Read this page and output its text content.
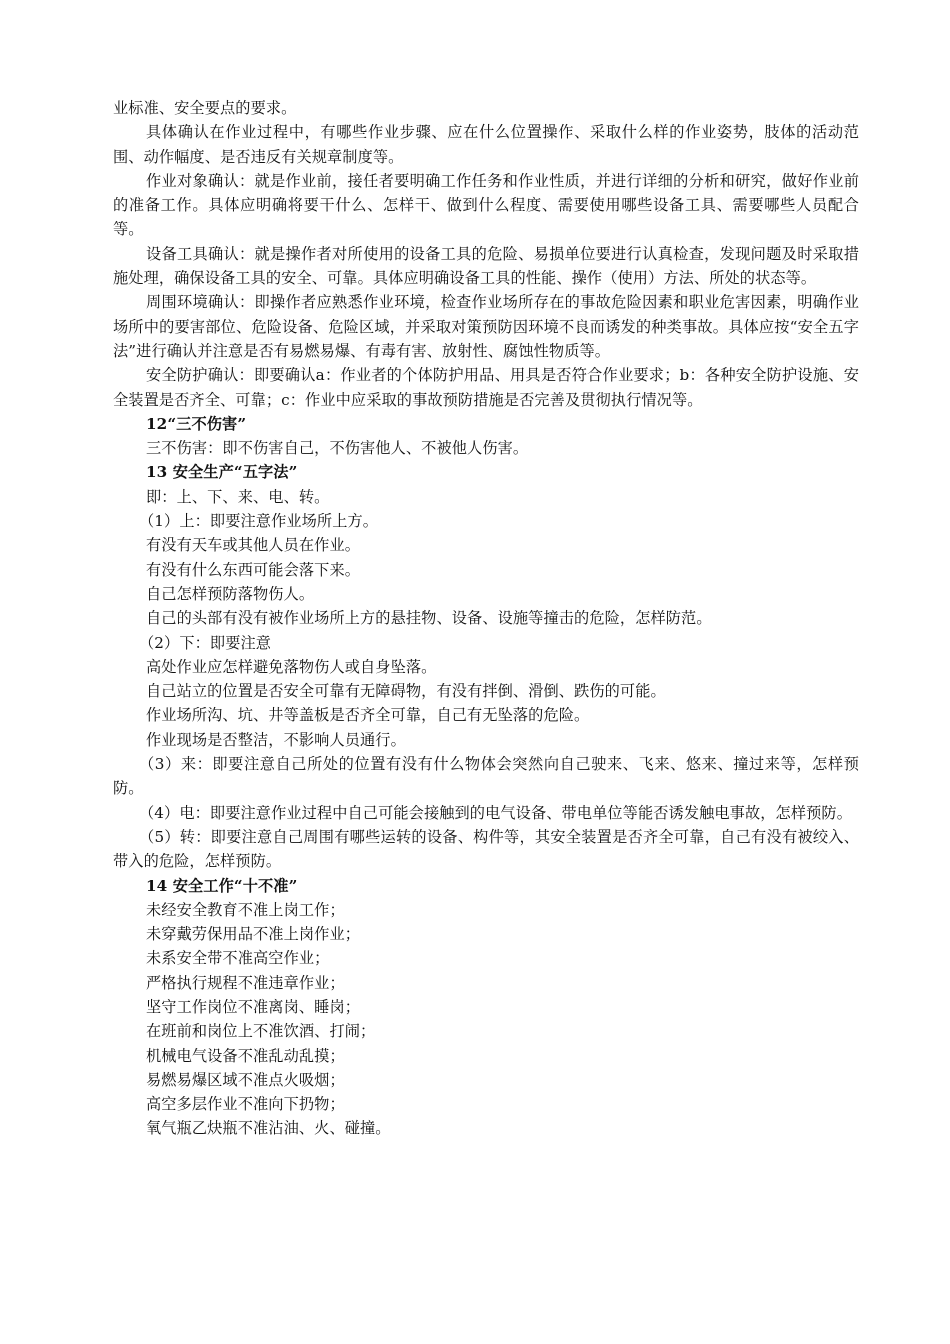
业标准、安全要点的要求。

具体确认在作业过程中，有哪些作业步骤、应在什么位置操作、采取什么样的作业姿势，肢体的活动范围、动作幅度、是否违反有关规章制度等。

作业对象确认：就是作业前，接任者要明确工作任务和作业性质，并进行详细的分析和研究，做好作业前的准备工作。具体应明确将要干什么、怎样干、做到什么程度、需要使用哪些设备工具、需要哪些人员配合等。

设备工具确认：就是操作者对所使用的设备工具的危险、易损单位要进行认真检查，发现问题及时采取措施处理，确保设备工具的安全、可靠。具体应明确设备工具的性能、操作（使用）方法、所处的状态等。

周围环境确认：即操作者应熟悉作业环境，检查作业场所存在的事故危险因素和职业危害因素，明确作业场所中的要害部位、危险设备、危险区域，并采取对策预防因环境不良而诱发的种类事故。具体应按“安全五字法”进行确认并注意是否有易燃易爆、有毒有害、放射性、腐蚀性物质等。

安全防护确认：即要确认a：作业者的个体防护用品、用具是否符合作业要求；b：各种安全防护设施、安全装置是否齐全、可靠；c：作业中应采取的事故预防措施是否完善及贯彻执行情况等。

12“三不伤害”

三不伤害：即不伤害自己，不伤害他人、不被他人伤害。

13 安全生产“五字法”

即：上、下、来、电、转。

（1）上：即要注意作业场所上方。

有没有天车或其他人员在作业。

有没有什么东西可能会落下来。

自己怎样预防落物伤人。

自己的头部有没有被作业场所上方的悬挂物、设备、设施等撞击的危险，怎样防范。

（2）下：即要注意

高处作业应怎样避免落物伤人或自身坠落。

自己站立的位置是否安全可靠有无障碍物，有没有拌倒、滑倒、跌伤的可能。

作业场所沟、坑、井等盖板是否齐全可靠，自己有无坠落的危险。

作业现场是否整洁，不影响人员通行。

（3）来：即要注意自己所处的位置有没有什么物体会突然向自己驶来、飞来、悠来、撞过来等，怎样预防。

（4）电：即要注意作业过程中自己可能会接触到的电气设备、带电单位等能否诱发触电事故，怎样预防。

（5）转：即要注意自己周围有哪些运转的设备、构件等，其安全装置是否齐全可靠，自己有没有被绞入、带入的危险，怎样预防。

14 安全工作“十不准”

未经安全教育不准上岗工作；

未穿戴劳保用品不准上岗作业；

未系安全带不准高空作业；

严格执行规程不准违章作业；

坚守工作岗位不准离岗、睡岗；

在班前和岗位上不准饮酒、打闹；

机械电气设备不准乱动乱摸；

易燃易爆区域不准点火吸烟；

高空多层作业不准向下扔物；

氧气瓶乙炔瓶不准沾油、火、碰撞。
